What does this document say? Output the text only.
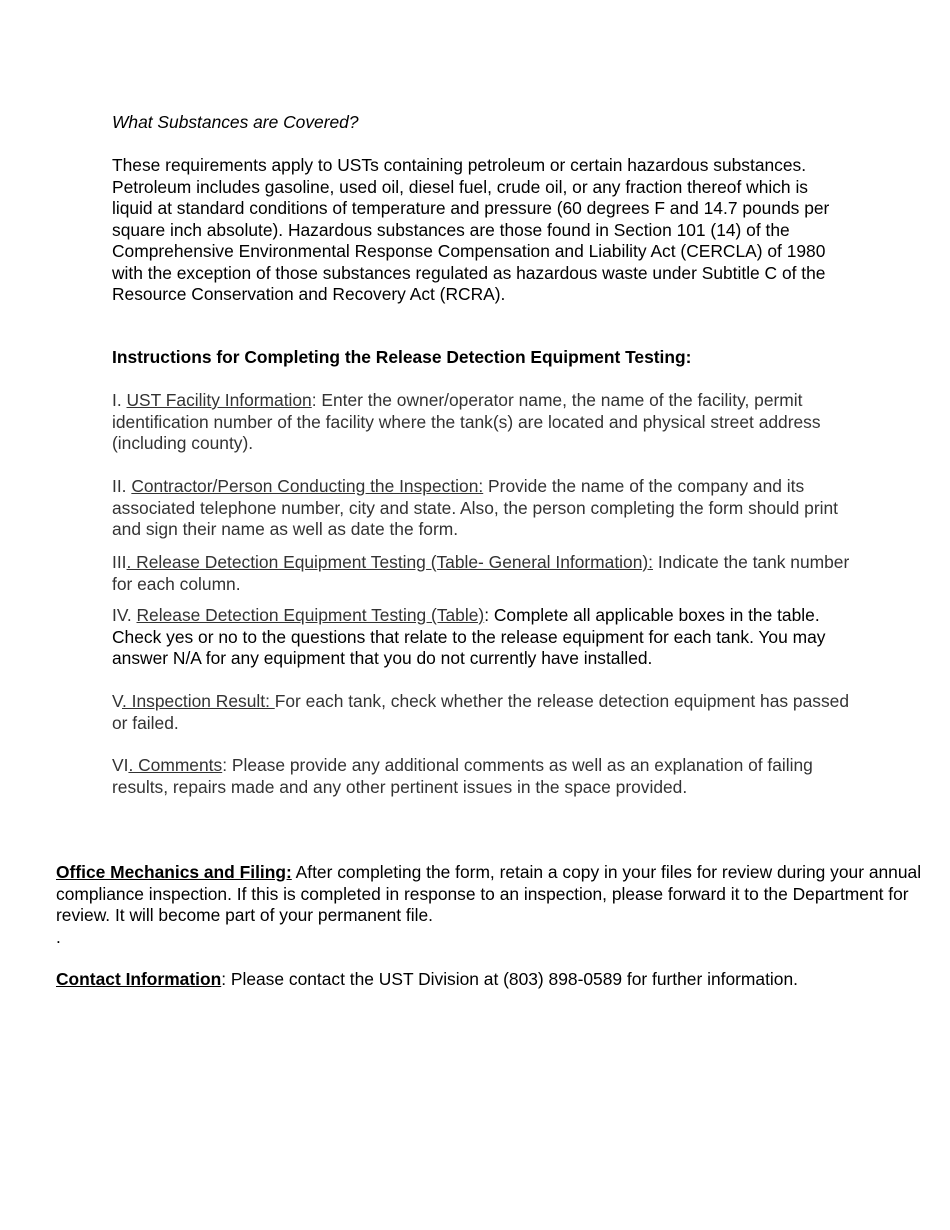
What Substances are Covered?
These requirements apply to USTs containing petroleum or certain hazardous substances. Petroleum includes gasoline, used oil, diesel fuel, crude oil, or any fraction thereof which is liquid at standard conditions of temperature and pressure (60 degrees F and 14.7 pounds per square inch absolute). Hazardous substances are those found in Section 101 (14) of the Comprehensive Environmental Response Compensation and Liability Act (CERCLA) of 1980 with the exception of those substances regulated as hazardous waste under Subtitle C of the Resource Conservation and Recovery Act (RCRA).
Instructions for Completing the Release Detection Equipment Testing:
I. UST Facility Information: Enter the owner/operator name, the name of the facility, permit identification number of the facility where the tank(s) are located and physical street address (including county).
II. Contractor/Person Conducting the Inspection: Provide the name of the company and its associated telephone number, city and state. Also, the person completing the form should print and sign their name as well as date the form.
III. Release Detection Equipment Testing (Table- General Information): Indicate the tank number for each column.
IV. Release Detection Equipment Testing (Table): Complete all applicable boxes in the table. Check yes or no to the questions that relate to the release equipment for each tank. You may answer N/A for any equipment that you do not currently have installed.
V. Inspection Result: For each tank, check whether the release detection equipment has passed or failed.
VI. Comments: Please provide any additional comments as well as an explanation of failing results, repairs made and any other pertinent issues in the space provided.
Office Mechanics and Filing: After completing the form, retain a copy in your files for review during your annual compliance inspection. If this is completed in response to an inspection, please forward it to the Department for review. It will become part of your permanent file.
.
Contact Information: Please contact the UST Division at (803) 898-0589 for further information.
